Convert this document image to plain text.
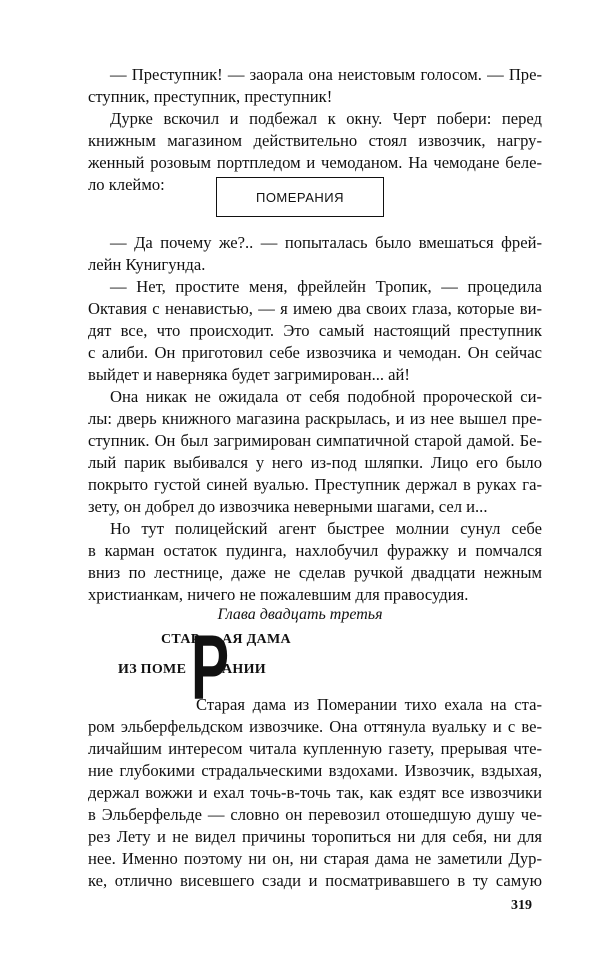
— Преступник! — заорала она неистовым голосом. — Пре-
ступник, преступник, преступник!
Дурке вскочил и подбежал к окну. Черт побери: перед
книжным магазином действительно стоял извозчик, нагру-
женный розовым портпледом и чемоданом. На чемодане беле-
ло клеймо:
ПОМЕРАНИЯ
— Да почему же?.. — попыталась было вмешаться фрей-
лейн Кунигунда.
— Нет, простите меня, фрейлейн Тропик, — процедила
Октавия с ненавистью, — я имею два своих глаза, которые ви-
дят все, что происходит. Это самый настоящий преступник
с алиби. Он приготовил себе извозчика и чемодан. Он сейчас
выйдет и наверняка будет загримирован... ай!
Она никак не ожидала от себя подобной пророческой си-
лы: дверь книжного магазина раскрылась, и из нее вышел пре-
ступник. Он был загримирован симпатичной старой дамой. Бе-
лый парик выбивался у него из-под шляпки. Лицо его было
покрыто густой синей вуалью. Преступник держал в руках га-
зету, он добрел до извозчика неверными шагами, сел и...
Но тут полицейский агент быстрее молнии сунул себе
в карман остаток пудинга, нахлобучил фуражку и помчался
вниз по лестнице, даже не сделав ручкой двадцати нежным
христианкам, ничего не пожалевшим для правосудия.
Глава двадцать третья
СТАР АЯ ДАМА
ИЗ ПОМЕ	АНИИ
Р
Старая дама из Померании тихо ехала на ста-
ром эльберфельдском извозчике. Она оттянула вуальку и с ве-
личайшим интересом читала купленную газету, прерывая чте-
ние глубокими страдальческими вздохами. Извозчик, вздыхая,
держал вожжи и ехал точь-в-точь так, как ездят все извозчики
в Эльберфельде — словно он перевозил отошедшую душу че-
рез Лету и не видел причины торопиться ни для себя, ни для
нее. Именно поэтому ни он, ни старая дама не заметили Дур-
ке, отлично висевшего сзади и посматривавшего в ту самую
319
